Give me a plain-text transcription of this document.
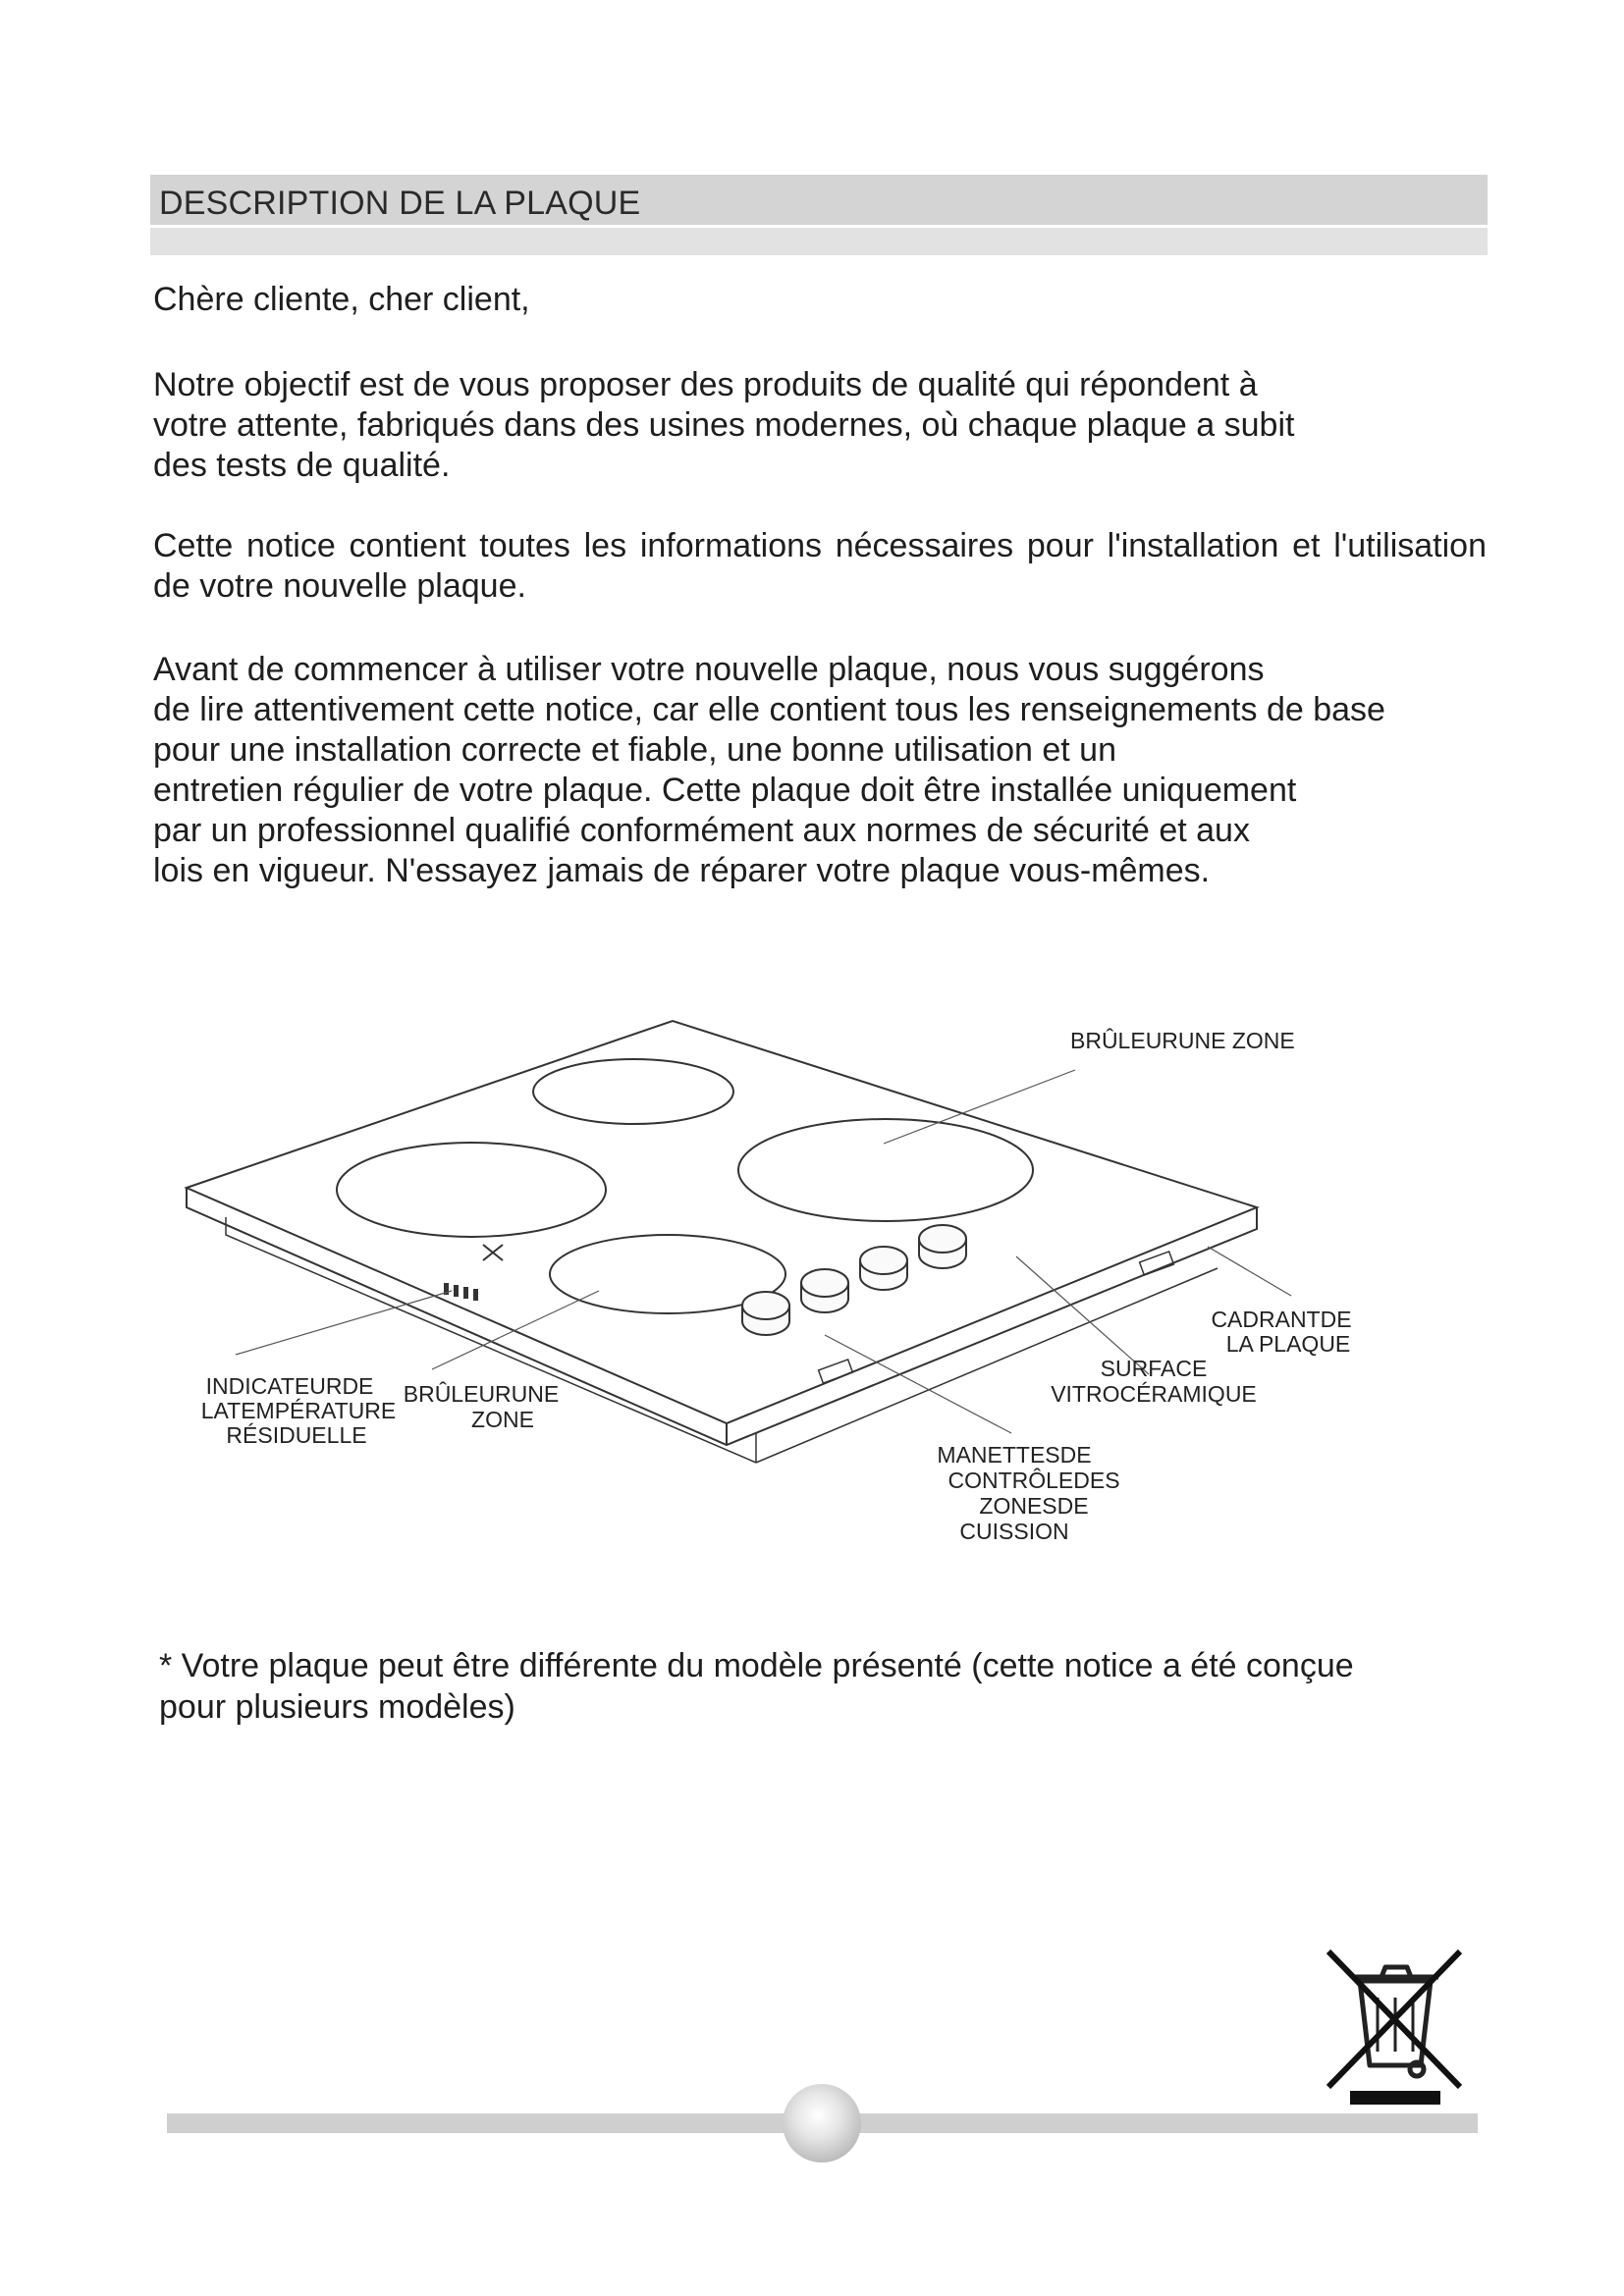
DESCRIPTION DE LA PLAQUE
Chère cliente, cher client,
Notre objectif est de vous proposer des produits de qualité qui répondent à
votre attente, fabriqués dans des usines modernes, où chaque plaque a subit
des tests de qualité.
Cette notice contient toutes les informations nécessaires pour l'installation et l'utilisation de votre nouvelle plaque.
Avant de commencer à utiliser votre nouvelle plaque, nous vous suggérons
de lire attentivement cette notice, car elle contient tous les renseignements de base
pour une installation correcte et fiable, une bonne utilisation et un
entretien régulier de votre plaque. Cette plaque doit être installée uniquement
par un professionnel qualifié conformément aux normes de sécurité et aux
lois en vigueur. N'essayez jamais de réparer votre plaque vous-mêmes.
BRÛLEURUNE ZONE
CADRANTDE
LA PLAQUE
SURFACE
VITROCÉRAMIQUE
INDICATEURDE
LATEMPÉRATURE
RÉSIDUELLE
BRÛLEURUNE
ZONE
MANETTESDE
CONTRÔLEDES
ZONESDE
CUISSION
* Votre plaque peut être différente du modèle présenté (cette notice a été conçue
pour plusieurs modèles)
